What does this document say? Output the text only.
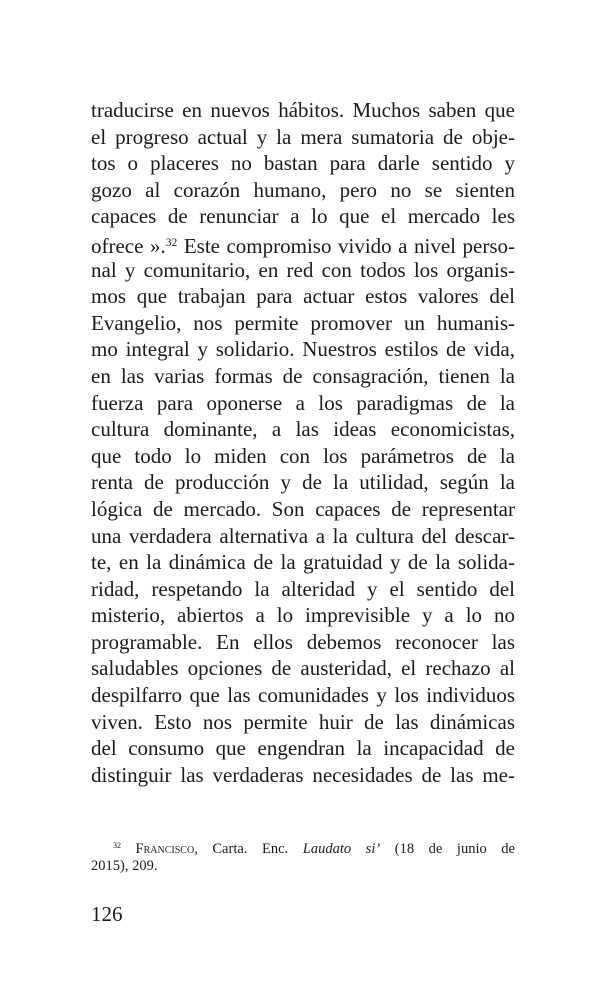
traducirse en nuevos hábitos. Muchos saben que
el progreso actual y la mera sumatoria de obje-
tos o placeres no bastan para darle sentido y
gozo al corazón humano, pero no se sienten
capaces de renunciar a lo que el mercado les
ofrece ».$^{32}$ Este compromiso vivido a nivel perso-
nal y comunitario, en red con todos los organis-
mos que trabajan para actuar estos valores del
Evangelio, nos permite promover un humanis-
mo integral y solidario. Nuestros estilos de vida,
en las varias formas de consagración, tienen la
fuerza para oponerse a los paradigmas de la
cultura dominante, a las ideas economicistas,
que todo lo miden con los parámetros de la
renta de producción y de la utilidad, según la
lógica de mercado. Son capaces de representar
una verdadera alternativa a la cultura del descar-
te, en la dinámica de la gratuidad y de la solida-
ridad, respetando la alteridad y el sentido del
misterio, abiertos a lo imprevisible y a lo no
programable. En ellos debemos reconocer las
saludables opciones de austeridad, el rechazo al
despilfarro que las comunidades y los individuos
viven. Esto nos permite huir de las dinámicas
del consumo que engendran la incapacidad de
distinguir las verdaderas necesidades de las me-
$^{32}$ Francisco, Carta. Enc. Laudato si’ (18 de junio de
2015), 209.
126
